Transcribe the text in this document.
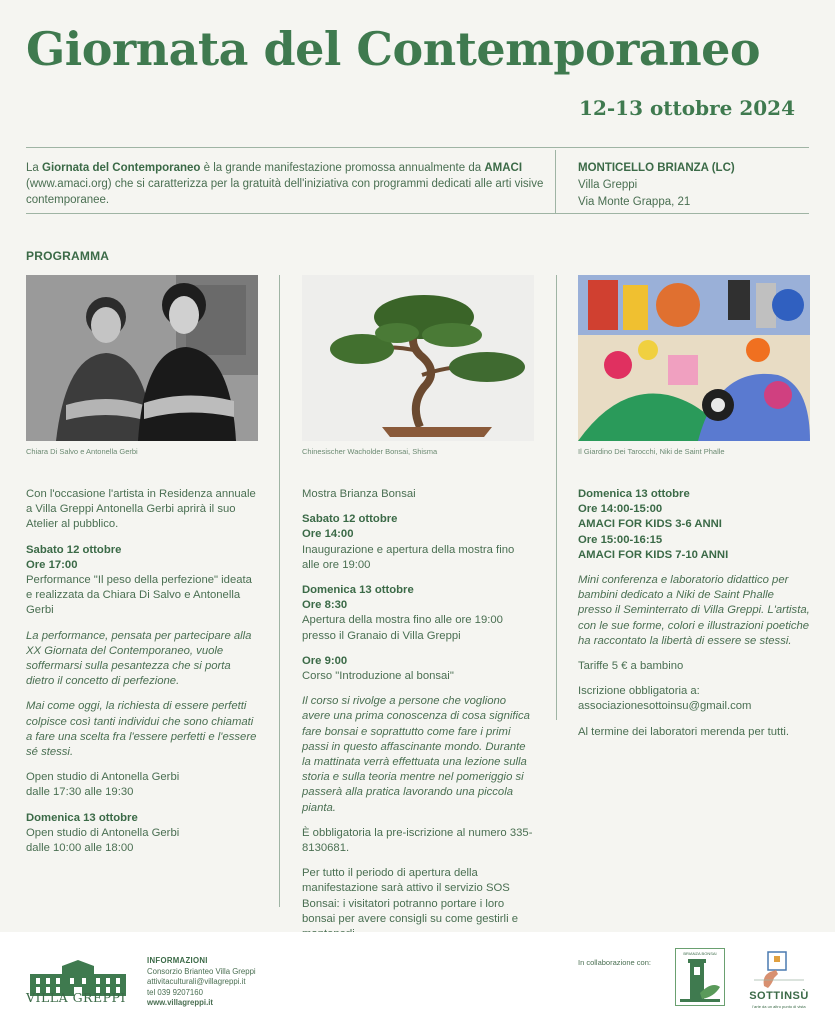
Giornata del Contemporaneo
12-13 ottobre 2024
La Giornata del Contemporaneo è la grande manifestazione promossa annualmente da AMACI (www.amaci.org) che si caratterizza per la gratuità dell'iniziativa con programmi dedicati alle arti visive contemporanee.
MONTICELLO BRIANZA (LC)
Villa Greppi
Via Monte Grappa, 21
PROGRAMMA
Chiara Di Salvo e Antonella Gerbi

Con l'occasione l'artista in Residenza annuale a Villa Greppi Antonella Gerbi aprirà il suo Atelier al pubblico.

Sabato 12 ottobre
Ore 17:00

Performance "Il peso della perfezione" ideata e realizzata da Chiara Di Salvo e Antonella Gerbi

La performance, pensata per partecipare alla XX Giornata del Contemporaneo, vuole soffermarsi sulla pesantezza che si porta dietro il concetto di perfezione.

Mai come oggi, la richiesta di essere perfetti colpisce così tanti individui che sono chiamati a fare una scelta fra l'essere perfetti e l'essere sé stessi.

Open studio di Antonella Gerbi

dalle 17:30 alle 19:30

Domenica 13 ottobre
Open studio di Antonella Gerbi
dalle 10:00 alle 18:00
Chinesischer Wacholder Bonsai, Shisma

Mostra Brianza Bonsai

Sabato 12 ottobre
Ore 14:00

Inaugurazione e apertura della mostra fino alle ore 19:00

Domenica 13 ottobre
Ore 8:30

Apertura della mostra fino alle ore 19:00 presso il Granaio di Villa Greppi

Ore 9:00

Corso "Introduzione al bonsai"

Il corso si rivolge a persone che vogliono avere una prima conoscenza di cosa significa fare bonsai e soprattutto come fare i primi passi in questo affascinante mondo. Durante la mattinata verrà effettuata una lezione sulla storia e sulla teoria mentre nel pomeriggio si passerà alla pratica lavorando una piccola pianta.

È obbligatoria la pre-iscrizione al numero 335-8130681.

Per tutto il periodo di apertura della manifestazione sarà attivo il servizio SOS Bonsai: i visitatori potranno portare i loro bonsai per avere consigli su come gestirli e

Il Giardino Dei Tarocchi, Niki de Saint Phalle
Domenica 13 ottobre
Ore 14:00-15:00
AMACI FOR KIDS 3-6 ANNI
Ore 15:00-16:15

AMACI FOR KIDS 7-10 ANNI

Mini conferenza e laboratorio didattico per bambini dedicato a Niki de Saint Phalle presso il Seminterrato di Villa Greppi. L'artista, con le sue forme, colori e illustrazioni poetiche ha raccontato la libertà di essere se stessi.

Tariffe 5 € a bambino

Iscrizione obbligatoria a:

associazionesottoinsu@gmail.com

Al termine dei laboratori merenda per tutti.

VILLA GREPPI
INFORMAZIONI
Consorzio Brianteo Villa Greppi
attivitaculturali@villagreppi.it
tel 039 9207160
www.villagreppi.it
In collaborazione con:
BRIANZA BONSAI
SOTTINSÙ
l'arte da un altro punto di vista
